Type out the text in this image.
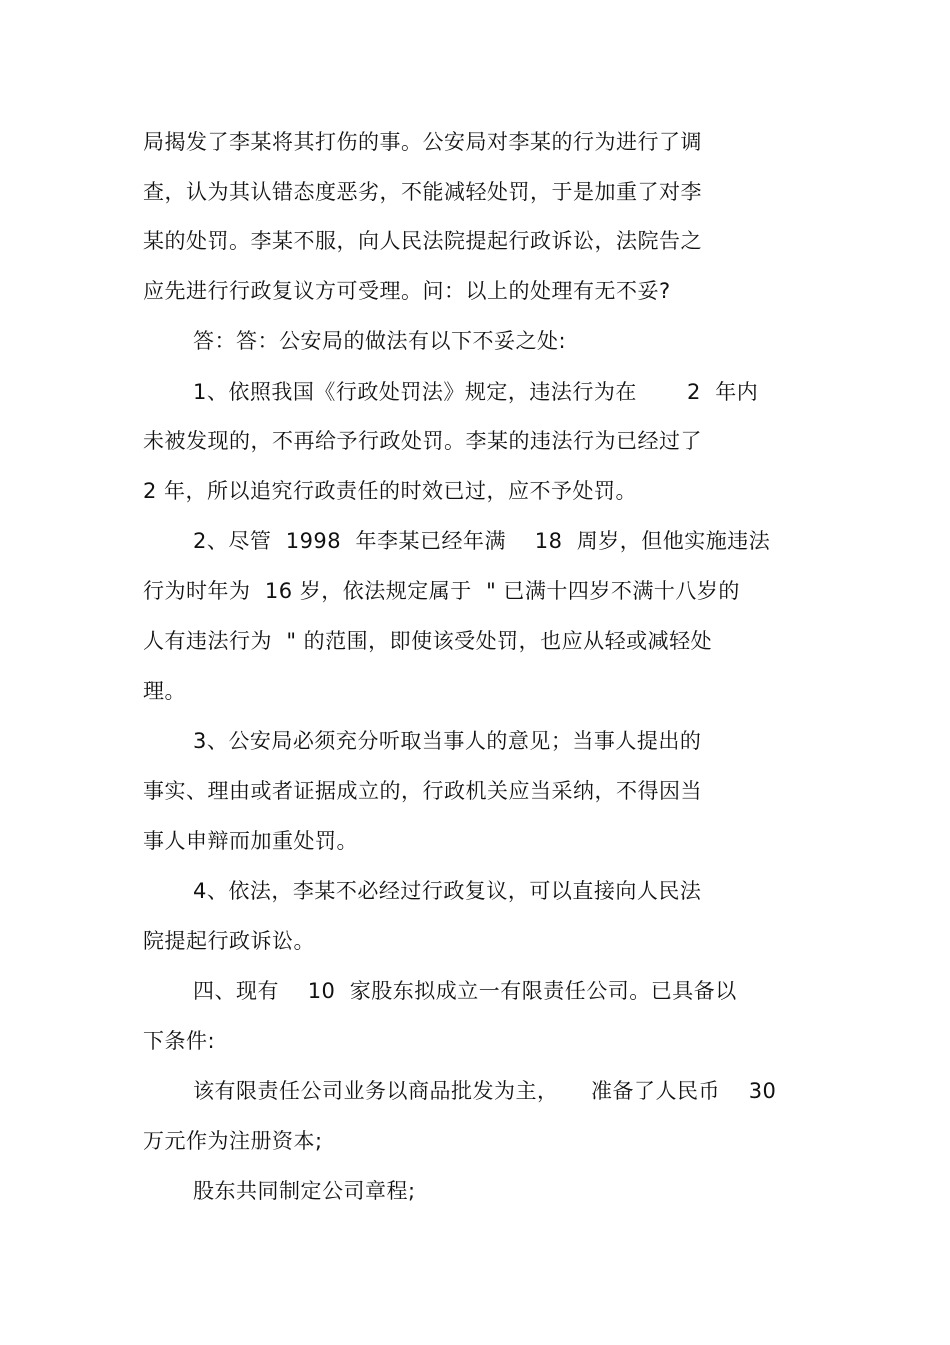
局揭发了李某将其打伤的事。公安局对李某的行为进行了调
查，认为其认错态度恶劣，不能减轻处罚，于是加重了对李
某的处罚。李某不服，向人民法院提起行政诉讼，法院告之
应先进行行政复议方可受理。问：以上的处理有无不妥?
答：答：公安局的做法有以下不妥之处:
1、依照我国《行政处罚法》规定，违法行为在　　 2  年内
未被发现的，不再给予行政处罚。李某的违法行为已经过了
2 年，所以追究行政责任的时效已过，应不予处罚。
2、尽管  1998  年李某已经年满    18  周岁，但他实施违法
行为时年为  16 岁，依法规定属于  " 已满十四岁不满十八岁的
人有违法行为  " 的范围，即使该受处罚，也应从轻或减轻处
理。
3、公安局必须充分听取当事人的意见；当事人提出的
事实、理由或者证据成立的，行政机关应当采纳，不得因当
事人申辩而加重处罚。
4、依法，李某不必经过行政复议，可以直接向人民法
院提起行政诉讼。
四、现有    10  家股东拟成立一有限责任公司。已具备以
下条件:
该有限责任公司业务以商品批发为主，　　准备了人民币    30
万元作为注册资本;
股东共同制定公司章程;
